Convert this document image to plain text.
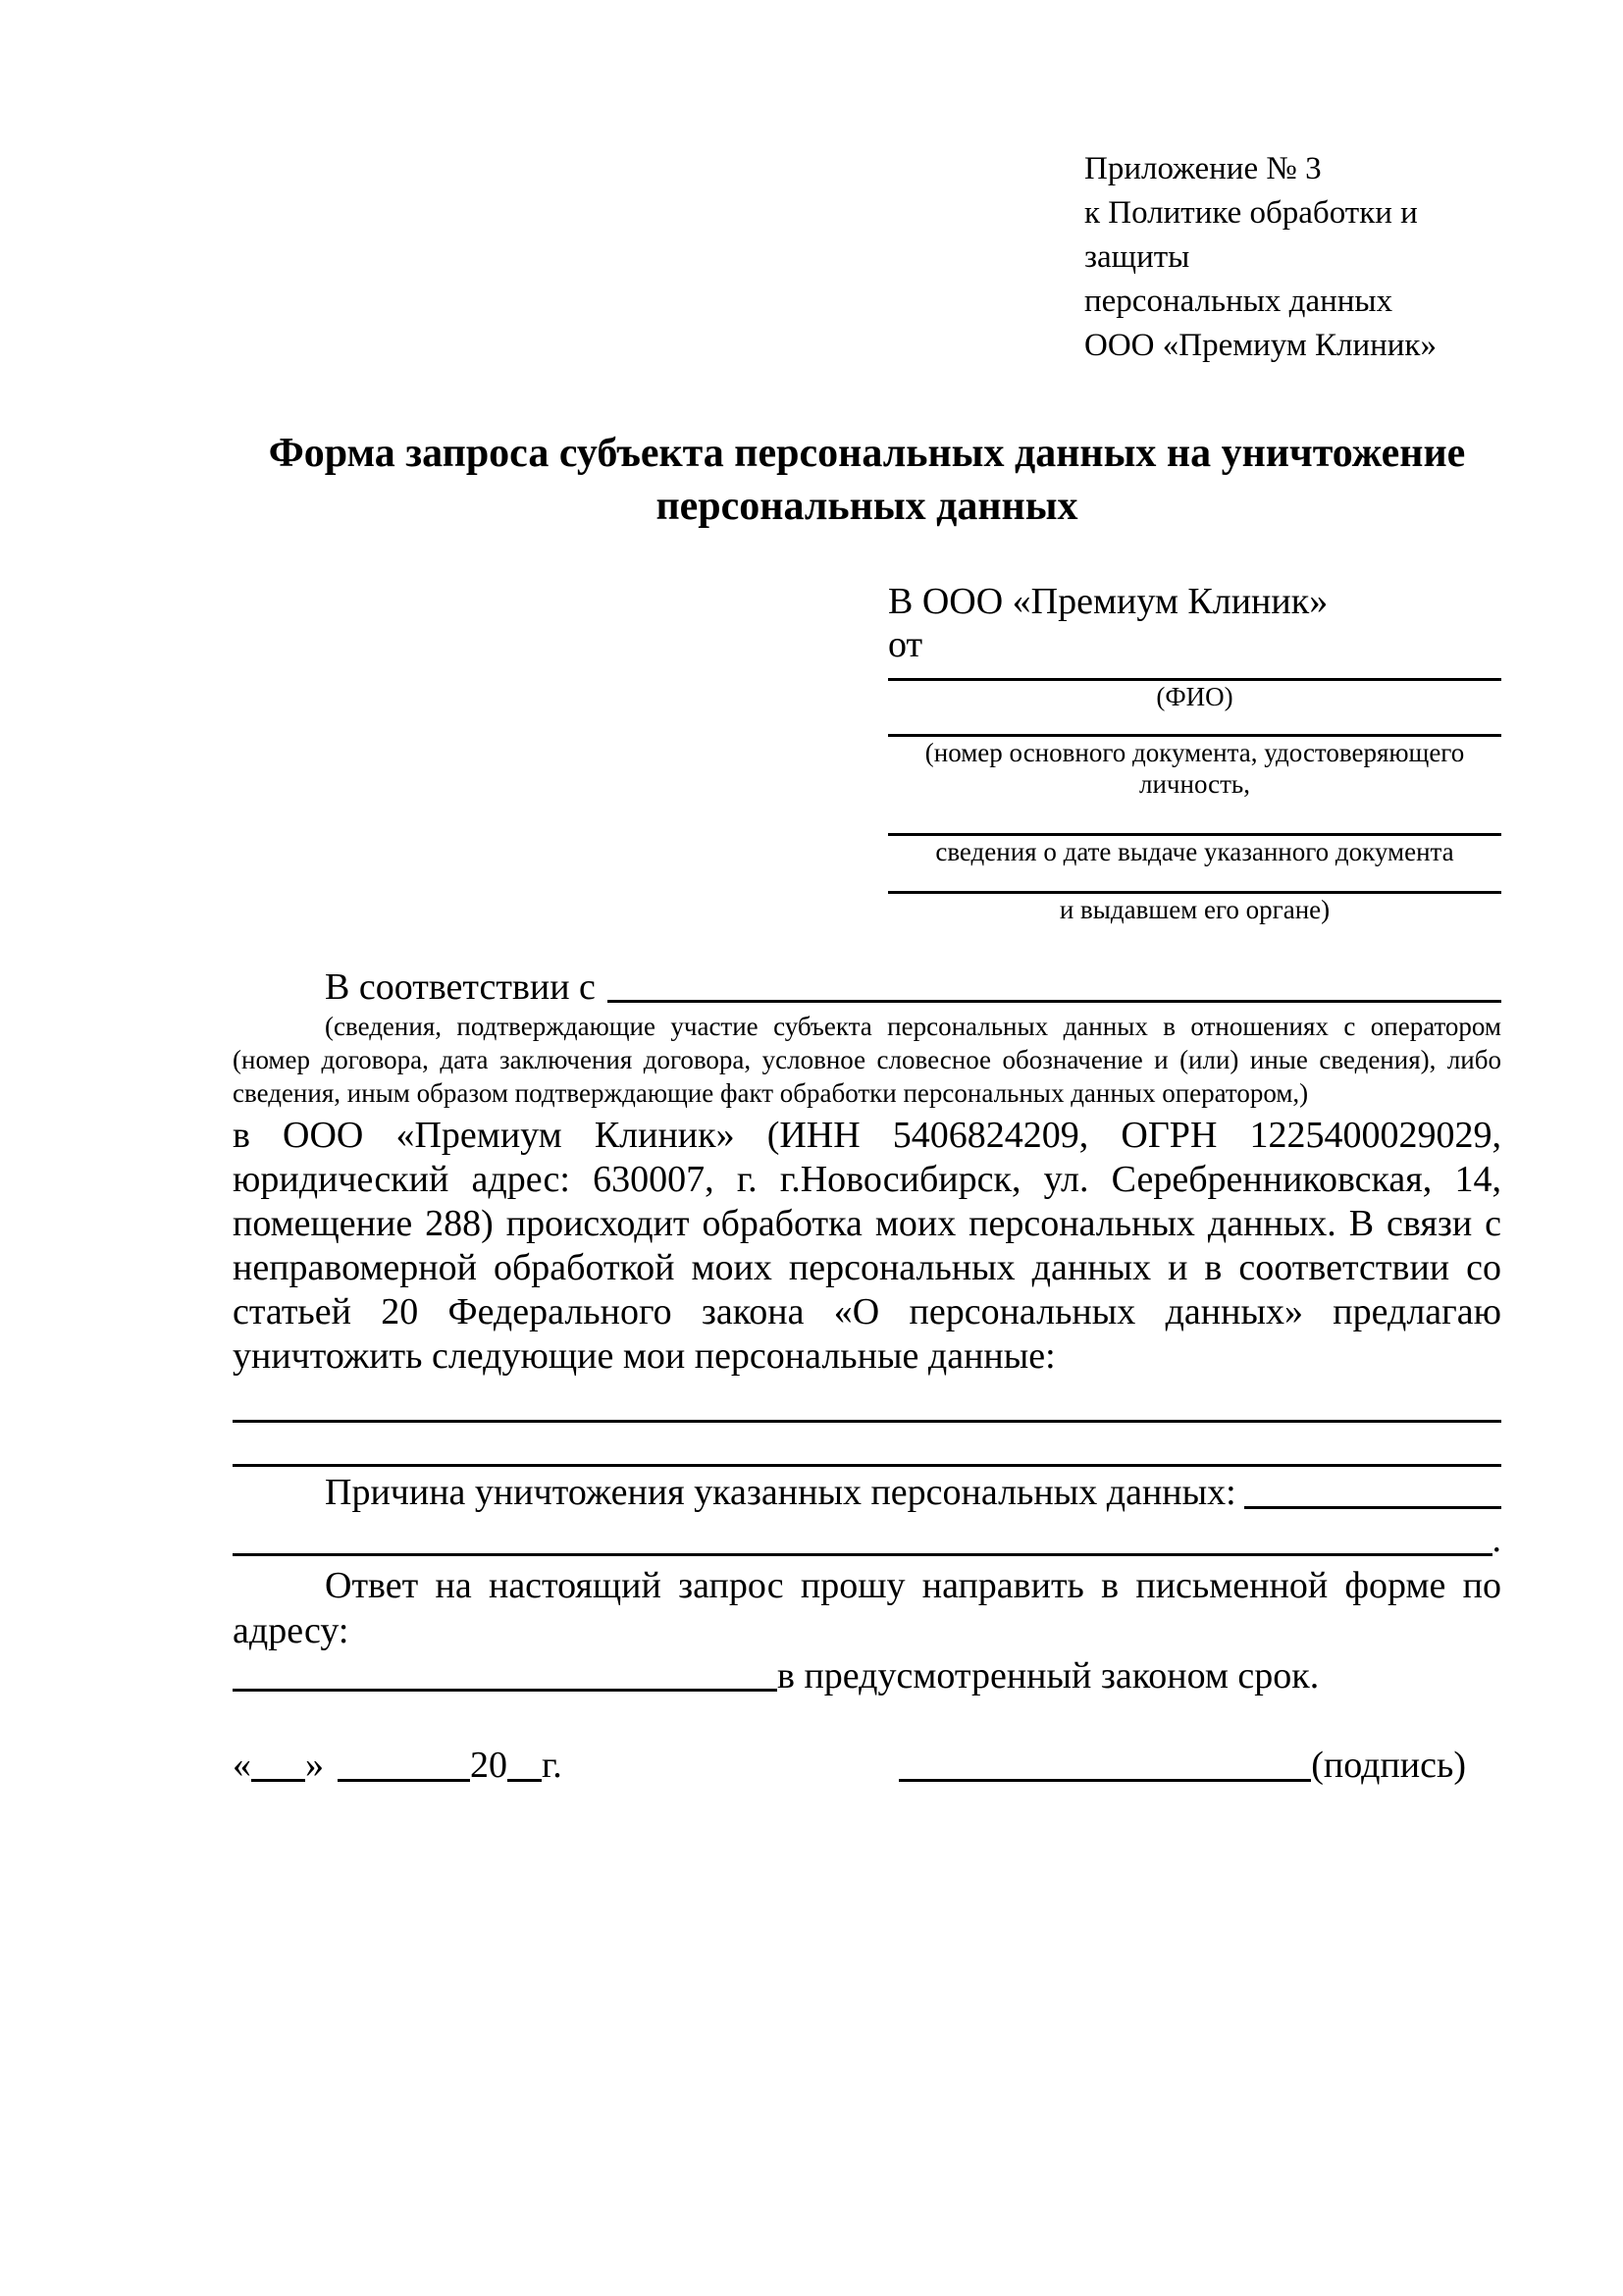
Приложение № 3
к Политике обработки и защиты
персональных данных
ООО «Премиум Клиник»
Форма запроса субъекта персональных данных на уничтожение персональных данных
В ООО «Премиум Клиник»
от
(ФИО)
(номер основного документа, удостоверяющего личность,
сведения о дате выдаче указанного документа
и выдавшем его органе)
В соответствии с
(сведения, подтверждающие участие субъекта персональных данных в отношениях с оператором (номер договора, дата заключения договора, условное словесное обозначение и (или) иные сведения), либо сведения, иным образом подтверждающие факт обработки персональных данных оператором,)
в ООО «Премиум Клиник» (ИНН 5406824209, ОГРН 1225400029029, юридический адрес: 630007, г. г.Новосибирск, ул. Серебренниковская, 14, помещение 288) происходит обработка моих персональных данных. В связи с неправомерной обработкой моих персональных данных и в соответствии со статьей 20 Федерального закона «О персональных данных» предлагаю уничтожить следующие мои персональные данные:
Причина уничтожения указанных персональных данных:
.
Ответ на настоящий запрос прошу направить в письменной форме по адресу:
в предусмотренный законом срок.
« »	20 г.	(подпись)
